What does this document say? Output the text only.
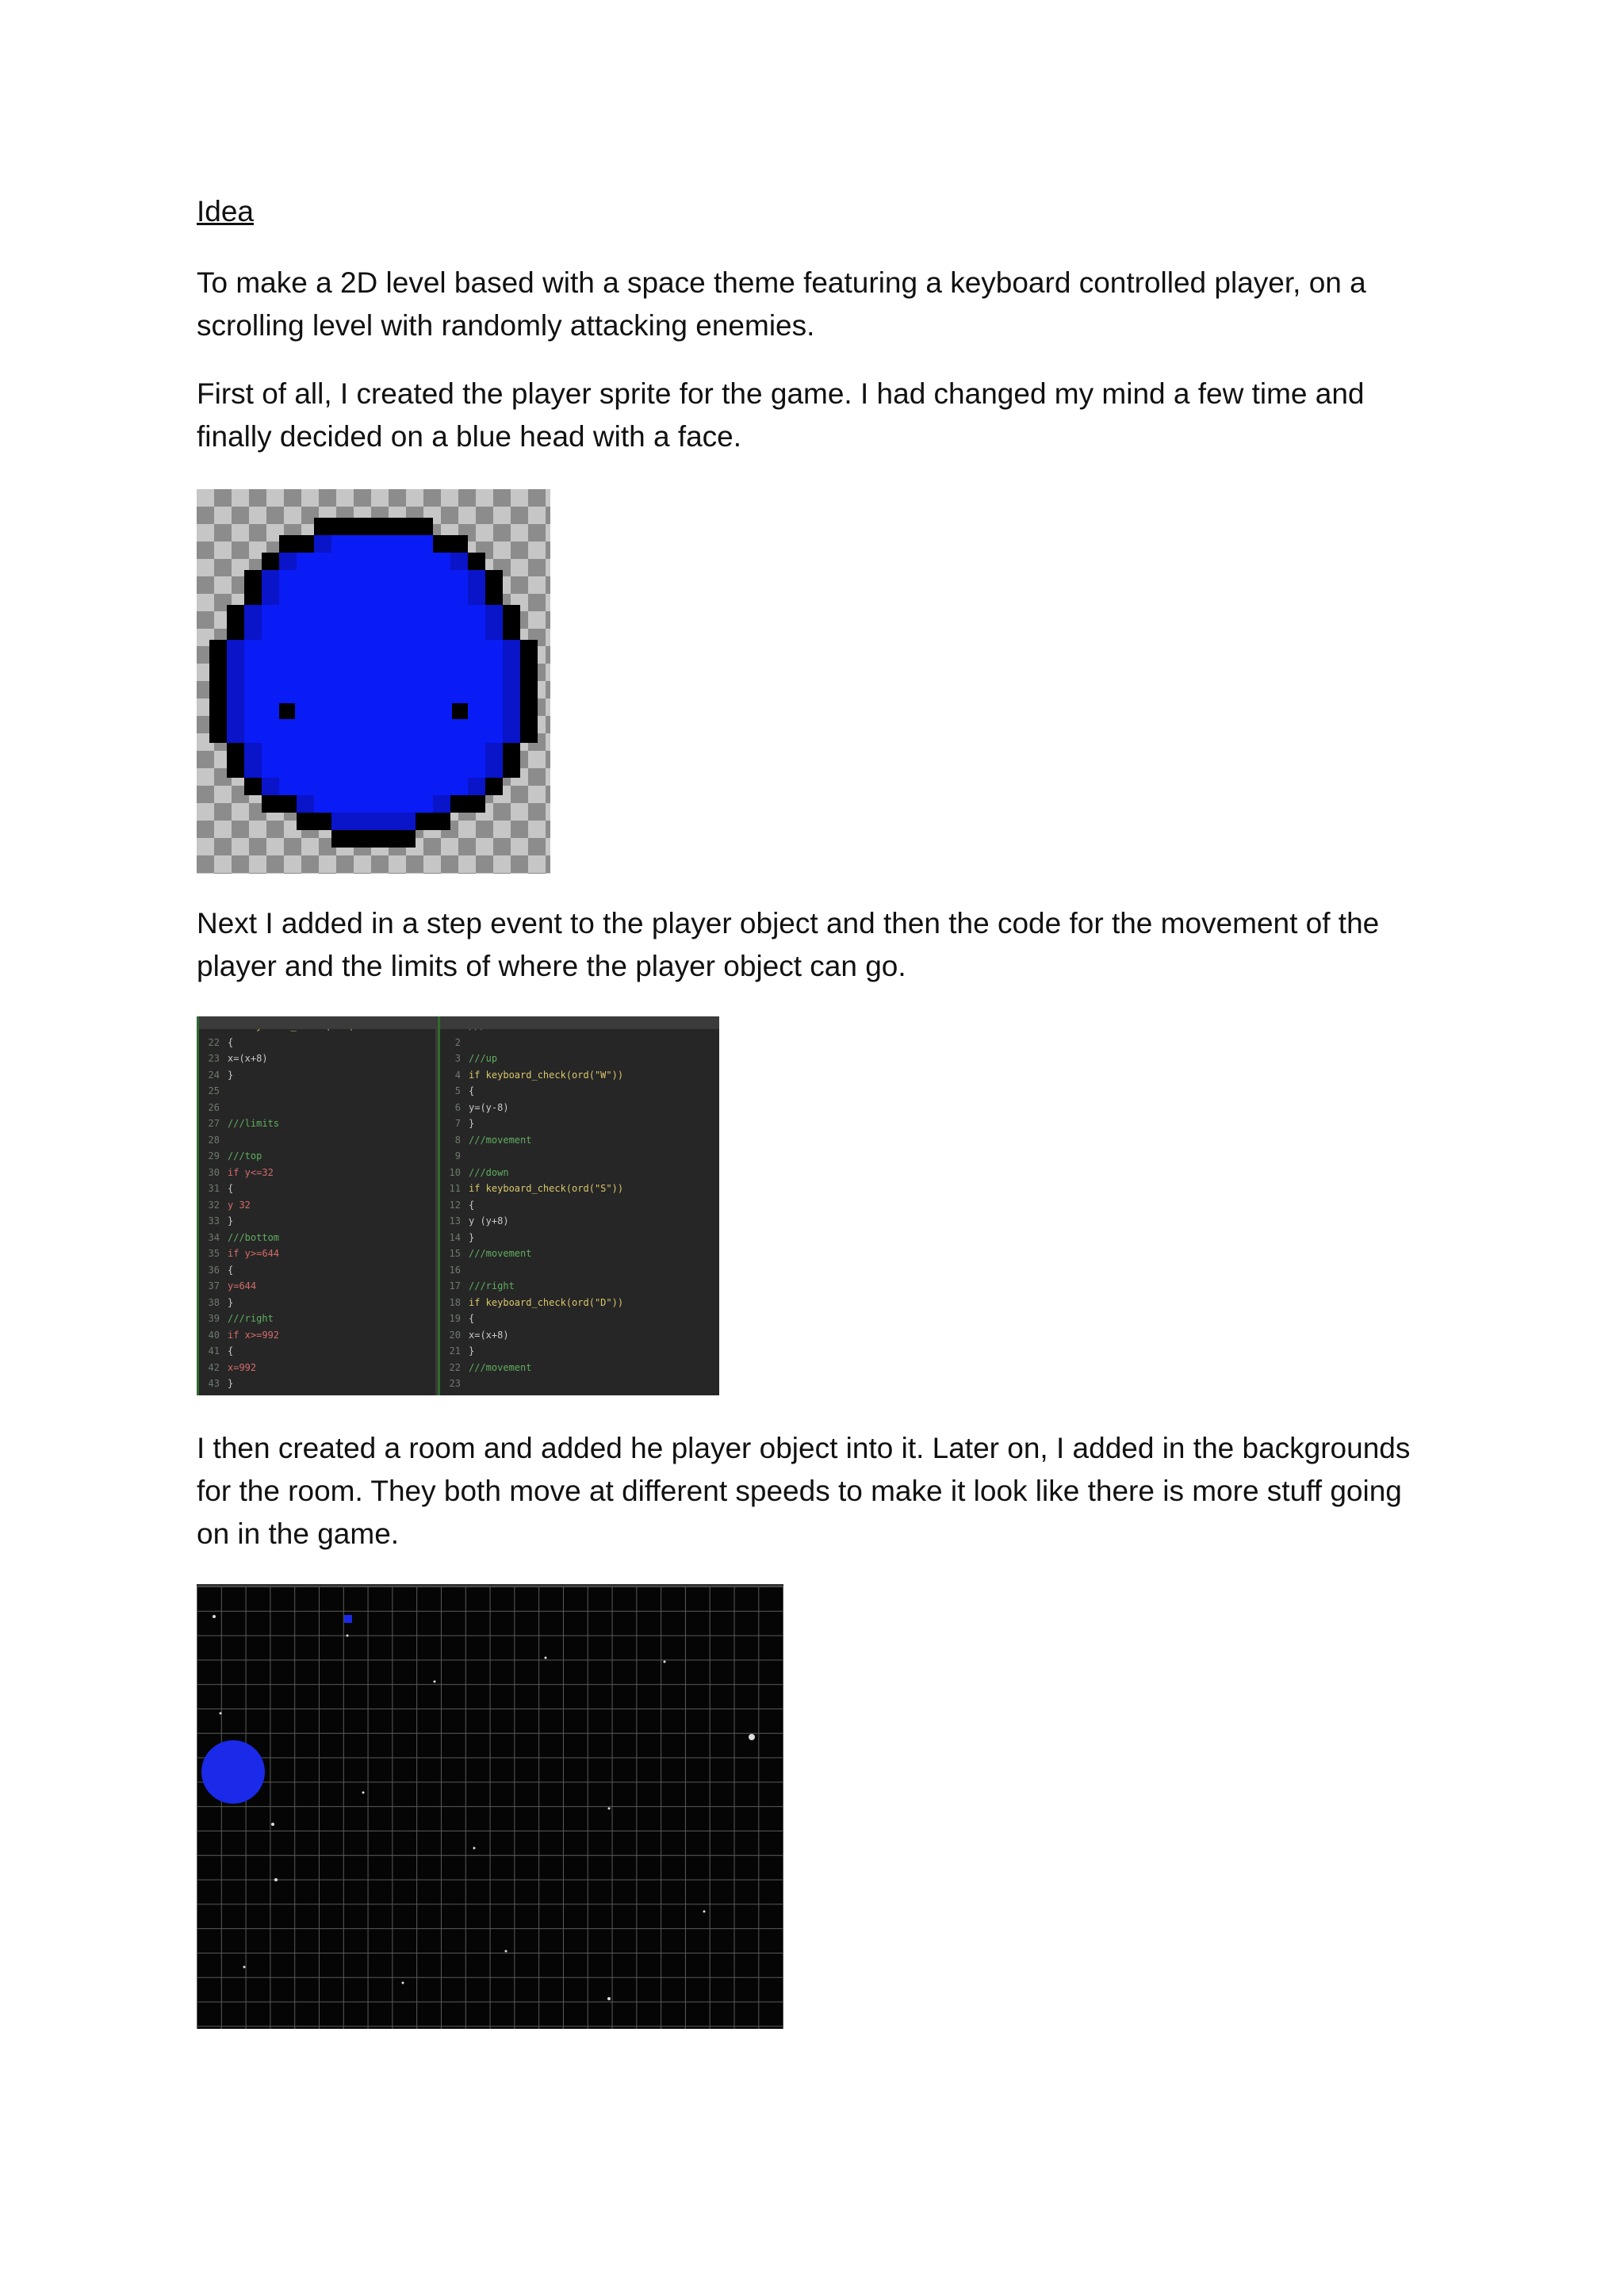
Idea

To make a 2D level based with a space theme featuring a keyboard controlled player, on a scrolling level with randomly attacking enemies.

First of all, I created the player sprite for the game. I had changed my mind a few time and finally decided on a blue head with a face.

Next I added in a step event to the player object and then the code for the movement of the player and the limits of where the player object can go.

22 {
23 x=(x+8)
24 }
25
26
27 ///limits
28
29 ///top
30 if y<=32
31 {
32 y 32
33 }
34 ///bottom
35 if y>=644
36 {
37 y=644
38 }
39 ///right
40 if x>=992
41 {
42 x=992
43 }
2
3 ///up
4 if keyboard_check(ord("W"))
5 {
6 y=(y-8)
7 }
8 ///movement
9
10 ///down
11 if keyboard_check(ord("S"))
12 {
13 y (y+8)
14 }
15 ///movement
16
17 ///right
18 if keyboard_check(ord("D"))
19 {
20 x=(x+8)
21 }
22 ///movement
23

I then created a room and added he player object into it. Later on, I added in the backgrounds for the room. They both move at different speeds to make it look like there is more stuff going on in the game.
